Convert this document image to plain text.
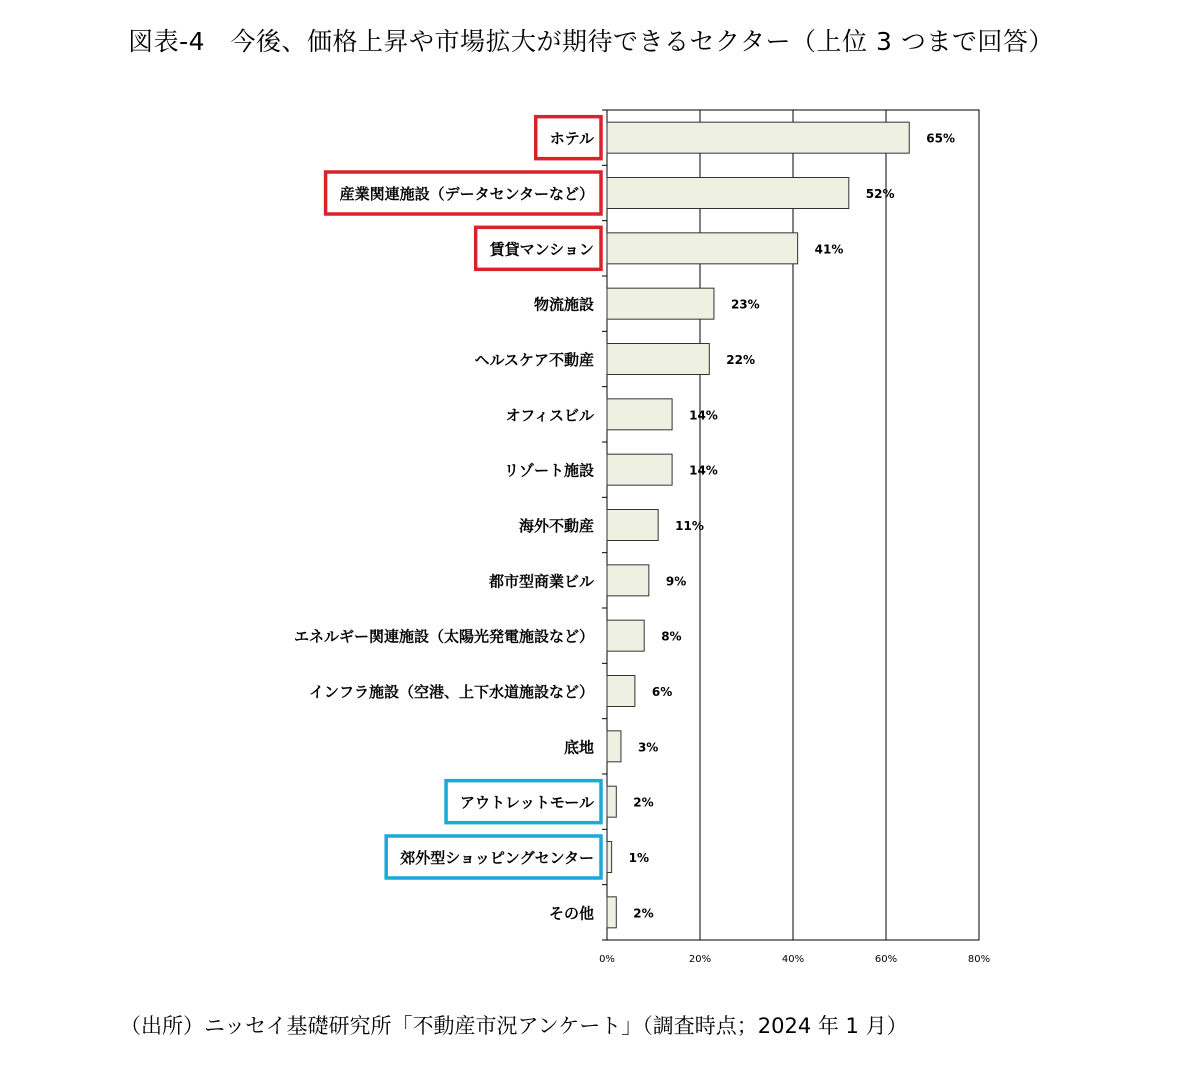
図表-4　今後、価格上昇や市場拡大が期待できるセクター（上位 3 つまで回答）
0%	20%	40%	60%	80%
65%
ホテル
52%
産業関連施設（データセンターなど）
41%
賃貸マンション
23%
物流施設
22%
ヘルスケア不動産
14%
オフィスビル
14%
リゾート施設
11%
海外不動産
9%
都市型商業ビル
8%
エネルギー関連施設（太陽光発電施設など）
6%
インフラ施設（空港、上下水道施設など）
3%
底地
2%
アウトレットモール
1%
郊外型ショッピングセンター
2%
その他
（出所）ニッセイ基礎研究所「不動産市況アンケート」（調査時点；2024 年 1 月）
